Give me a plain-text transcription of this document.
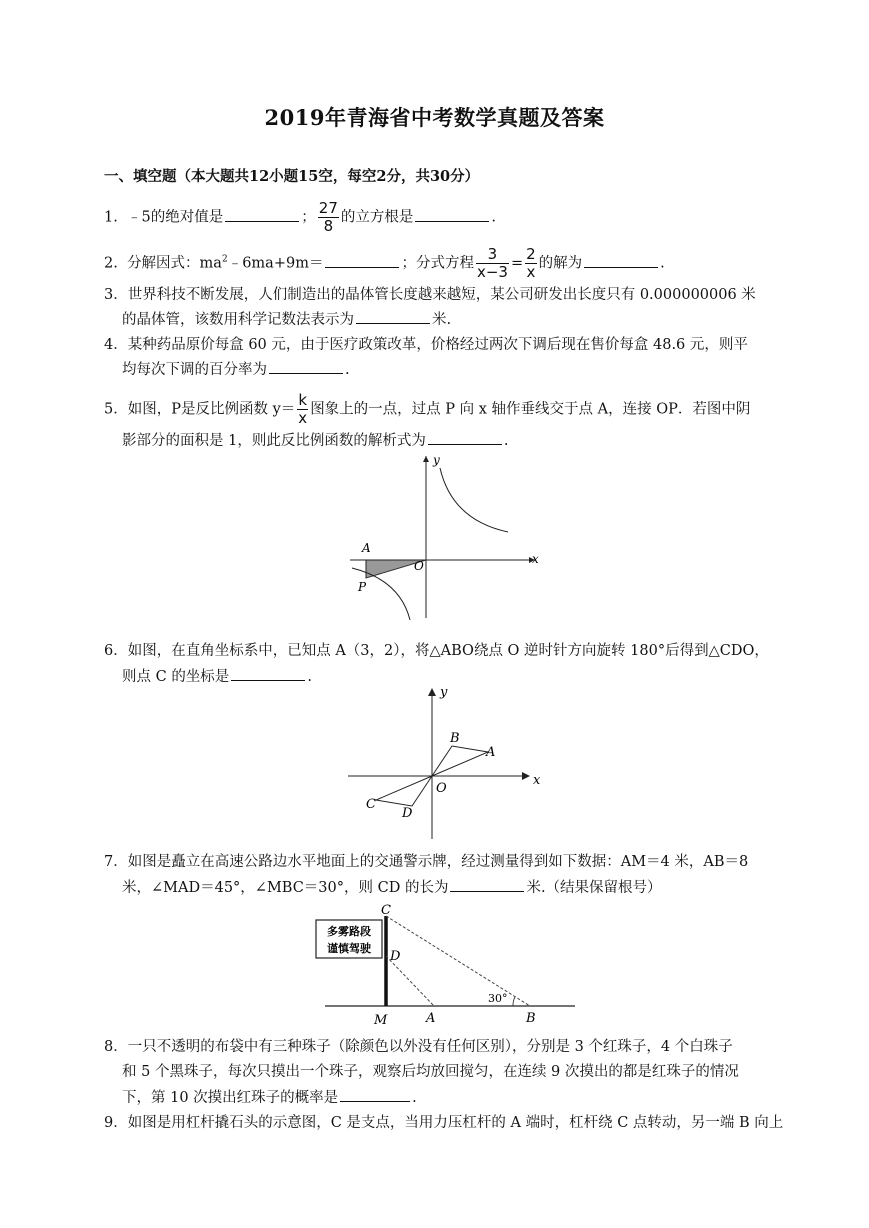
2019年青海省中考数学真题及答案
一、填空题（本大题共12小题15空，每空2分，共30分）
1. ﹣5的绝对值是	； $\frac{27}{8}$ 的立方根是	.
2. 分解因式：$ma^2﹣6ma+9m=$	；分式方程 $\frac{3}{x-3} = \frac{2}{x}$ 的解为	.
3．世界科技不断发展，人们制造出的晶体管长度越来越短，某公司研发出长度只有 0.000000006 米
的晶体管，该数用科学记数法表示为	米.
4．某种药品原价每盒 60 元，由于医疗政策改革，价格经过两次下调后现在售价每盒 48.6 元，则平
均每次下调的百分率为	.
5．如图，P是反比例函数 $y= \frac{k}{x}$ 图象上的一点，过点 P 向 x 轴作垂线交于点 A，连接 OP．若图中阴
影部分的面积是 1，则此反比例函数的解析式为	.
y
x
A
O
P
6．如图，在直角坐标系中，已知点 A（3，2），将△ABO绕点 O 逆时针方向旋转 180°后得到△CDO，
则点 C 的坐标是	.
y
x
B
A
O
C
D
7．如图是矗立在高速公路边水平地面上的交通警示牌，经过测量得到如下数据：AM＝4 米，AB＝8
米，∠MAD＝45°，∠MBC＝30°，则 CD 的长为	米.（结果保留根号）
多雾路段
谨慎驾驶
30°
C
D
M	A	B
8．一只不透明的布袋中有三种珠子（除颜色以外没有任何区别），分别是 3 个红珠子，4 个白珠子
和 5 个黑珠子，每次只摸出一个珠子，观察后均放回搅匀，在连续 9 次摸出的都是红珠子的情况
下，第 10 次摸出红珠子的概率是	.
9．如图是用杠杆撬石头的示意图，C 是支点，当用力压杠杆的 A 端时，杠杆绕 C 点转动，另一端 B 向上
